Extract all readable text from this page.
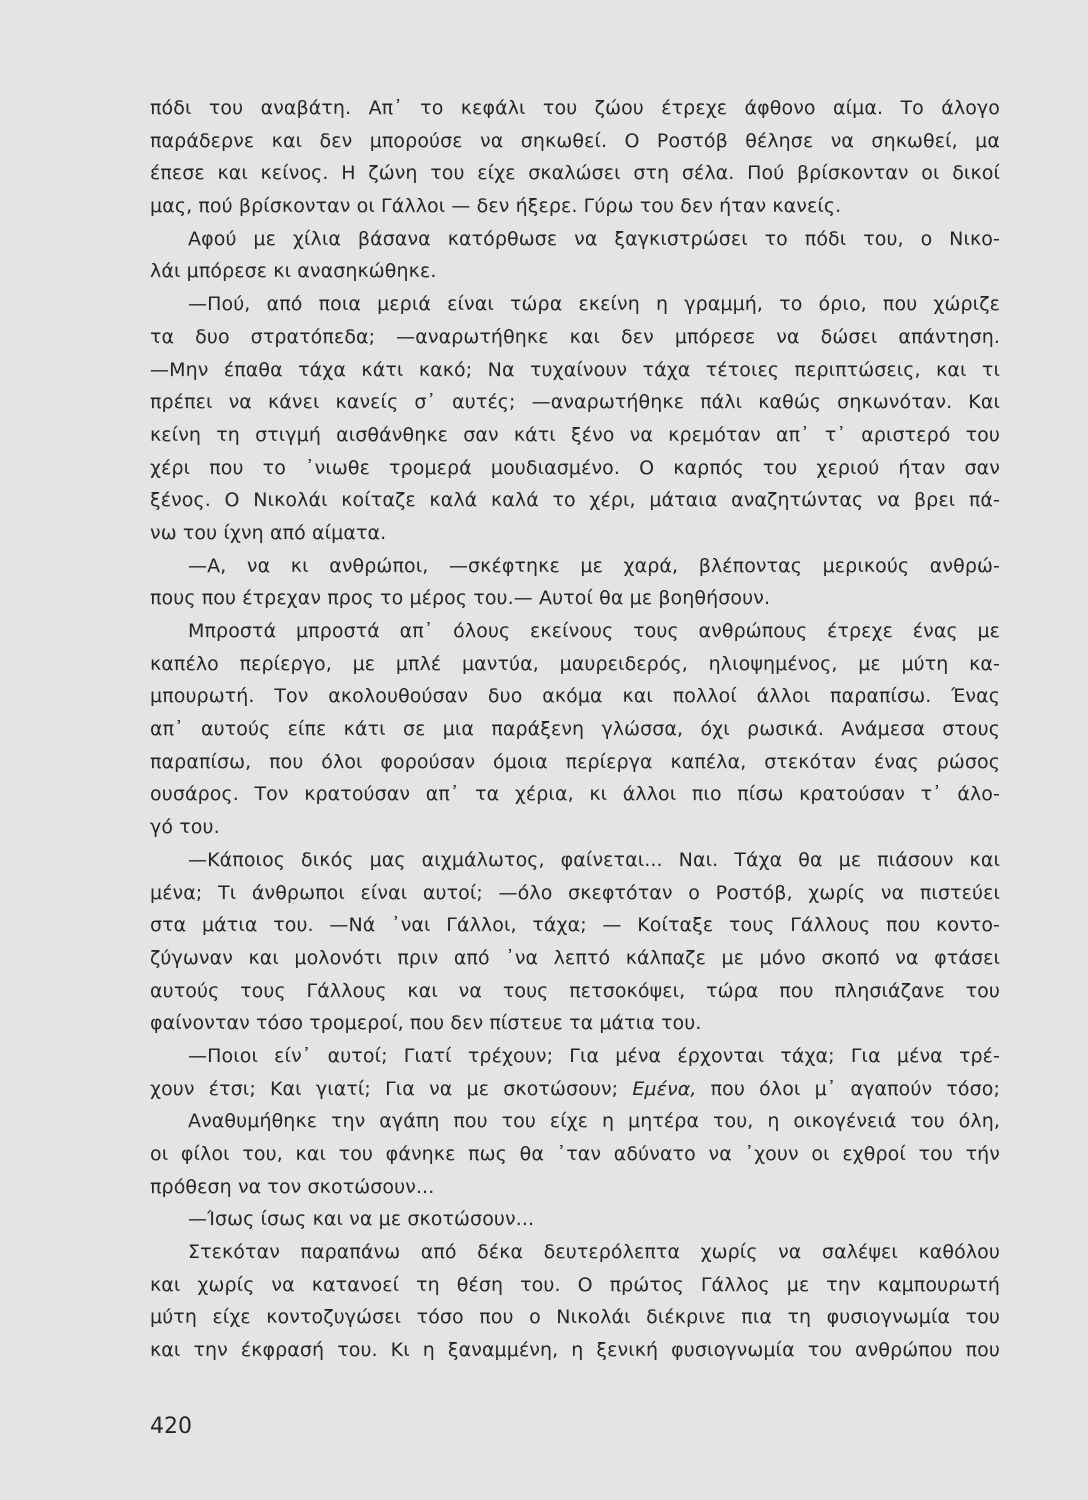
πόδι του αναβάτη. Απ᾽ το κεφάλι του ζώου έτρεχε άφθονο αίμα. Το άλογο
παράδερνε και δεν μπορούσε να σηκωθεί. Ο Ροστόβ θέλησε να σηκωθεί, μα
έπεσε και κείνος. Η ζώνη του είχε σκαλώσει στη σέλα. Πού βρίσκονταν οι δικοί
μας, πού βρίσκονταν οι Γάλλοι — δεν ήξερε. Γύρω του δεν ήταν κανείς.
Αφού με χίλια βάσανα κατόρθωσε να ξαγκιστρώσει το πόδι του, ο Νικο-
λάι μπόρεσε κι ανασηκώθηκε.
—Πού, από ποια μεριά είναι τώρα εκείνη η γραμμή, το όριο, που χώριζε
τα δυο στρατόπεδα; —αναρωτήθηκε και δεν μπόρεσε να δώσει απάντηση.
—Μην έπαθα τάχα κάτι κακό; Να τυχαίνουν τάχα τέτοιες περιπτώσεις, και τι
πρέπει να κάνει κανείς σ᾽ αυτές; —αναρωτήθηκε πάλι καθώς σηκωνόταν. Και
κείνη τη στιγμή αισθάνθηκε σαν κάτι ξένο να κρεμόταν απ᾽ τ᾽ αριστερό του
χέρι που το ᾽νιωθε τρομερά μουδιασμένο. Ο καρπός του χεριού ήταν σαν
ξένος. Ο Νικολάι κοίταζε καλά καλά το χέρι, μάταια αναζητώντας να βρει πά-
νω του ίχνη από αίματα.
—Α, να κι ανθρώποι, —σκέφτηκε με χαρά, βλέποντας μερικούς ανθρώ-
πους που έτρεχαν προς το μέρος του.— Αυτοί θα με βοηθήσουν.
Μπροστά μπροστά απ᾽ όλους εκείνους τους ανθρώπους έτρεχε ένας με
καπέλο περίεργο, με μπλέ μαντύα, μαυρειδερός, ηλιοψημένος, με μύτη κα-
μπουρωτή. Τον ακολουθούσαν δυο ακόμα και πολλοί άλλοι παραπίσω. Ένας
απ᾽ αυτούς είπε κάτι σε μια παράξενη γλώσσα, όχι ρωσικά. Ανάμεσα στους
παραπίσω, που όλοι φορούσαν όμοια περίεργα καπέλα, στεκόταν ένας ρώσος
ουσάρος. Τον κρατούσαν απ᾽ τα χέρια, κι άλλοι πιο πίσω κρατούσαν τ᾽ άλο-
γό του.
—Κάποιος δικός μας αιχμάλωτος, φαίνεται... Ναι. Τάχα θα με πιάσουν και
μένα; Τι άνθρωποι είναι αυτοί; —όλο σκεφτόταν ο Ροστόβ, χωρίς να πιστεύει
στα μάτια του. —Νά ᾽ναι Γάλλοι, τάχα; — Κοίταξε τους Γάλλους που κοντο-
ζύγωναν και μολονότι πριν από ᾽να λεπτό κάλπαζε με μόνο σκοπό να φτάσει
αυτούς τους Γάλλους και να τους πετσοκόψει, τώρα που πλησιάζανε του
φαίνονταν τόσο τρομεροί, που δεν πίστευε τα μάτια του.
—Ποιοι είν᾽ αυτοί; Γιατί τρέχουν; Για μένα έρχονται τάχα; Για μένα τρέ-
χουν έτσι; Και γιατί; Για να με σκοτώσουν; Εμένα, που όλοι μ᾽ αγαπούν τόσο;
Αναθυμήθηκε την αγάπη που του είχε η μητέρα του, η οικογένειά του όλη,
οι φίλοι του, και του φάνηκε πως θα ᾽ταν αδύνατο να ᾽χουν οι εχθροί του τήν
πρόθεση να τον σκοτώσουν...
—Ίσως ίσως και να με σκοτώσουν...
Στεκόταν παραπάνω από δέκα δευτερόλεπτα χωρίς να σαλέψει καθόλου
και χωρίς να κατανοεί τη θέση του. Ο πρώτος Γάλλος με την καμπουρωτή
μύτη είχε κοντοζυγώσει τόσο που ο Νικολάι διέκρινε πια τη φυσιογνωμία του
και την έκφρασή του. Κι η ξαναμμένη, η ξενική φυσιογνωμία του ανθρώπου που
420
